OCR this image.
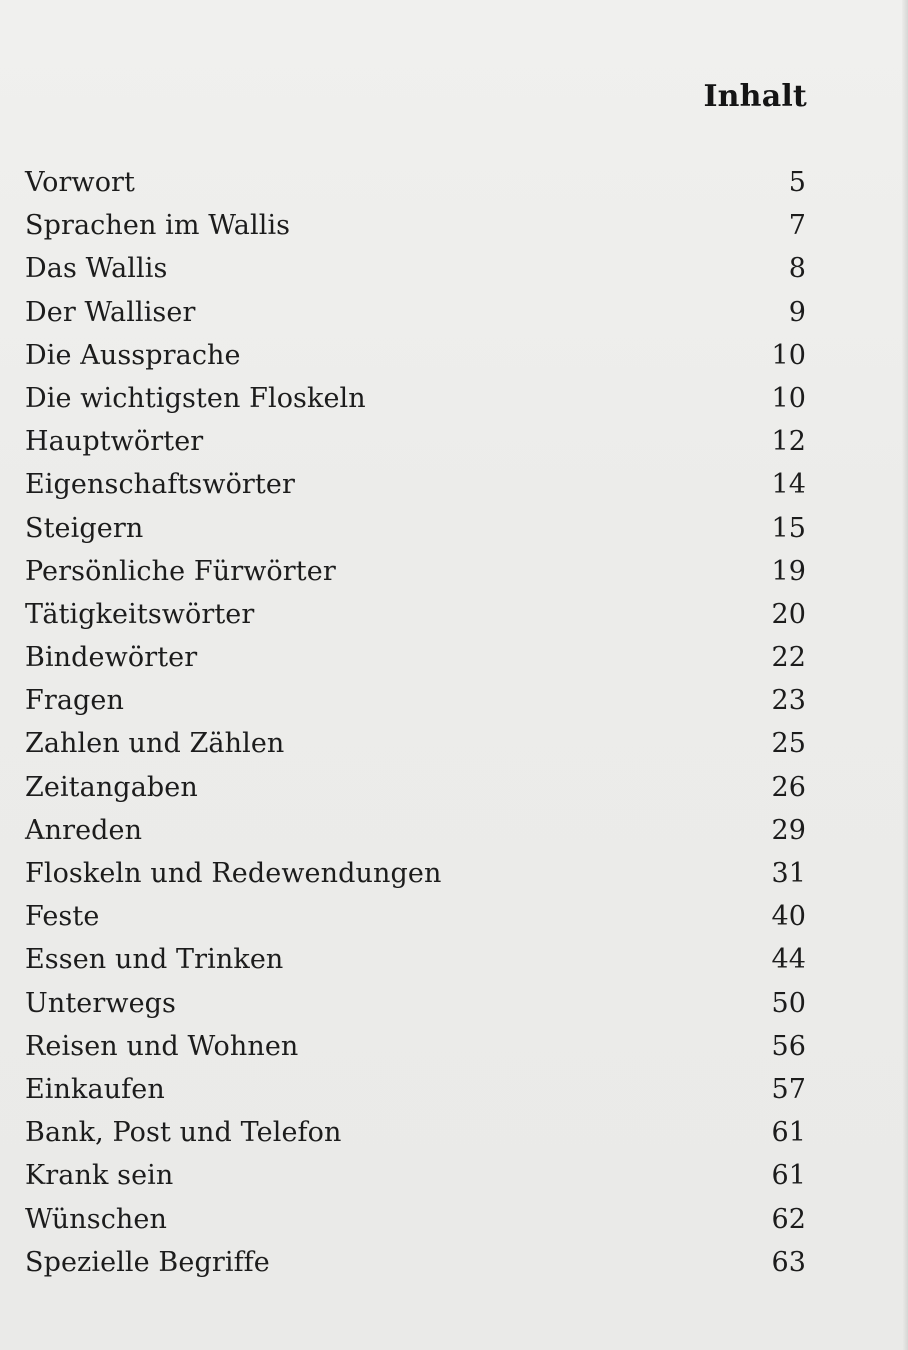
Inhalt
Vorwort	5
Sprachen im Wallis	7
Das Wallis	8
Der Walliser	9
Die Aussprache	10
Die wichtigsten Floskeln	10
Hauptwörter	12
Eigenschaftswörter	14
Steigern	15
Persönliche Fürwörter	19
Tätigkeitswörter	20
Bindewörter	22
Fragen	23
Zahlen und Zählen	25
Zeitangaben	26
Anreden	29
Floskeln und Redewendungen	31
Feste	40
Essen und Trinken	44
Unterwegs	50
Reisen und Wohnen	56
Einkaufen	57
Bank, Post und Telefon	61
Krank sein	61
Wünschen	62
Spezielle Begriffe	63
